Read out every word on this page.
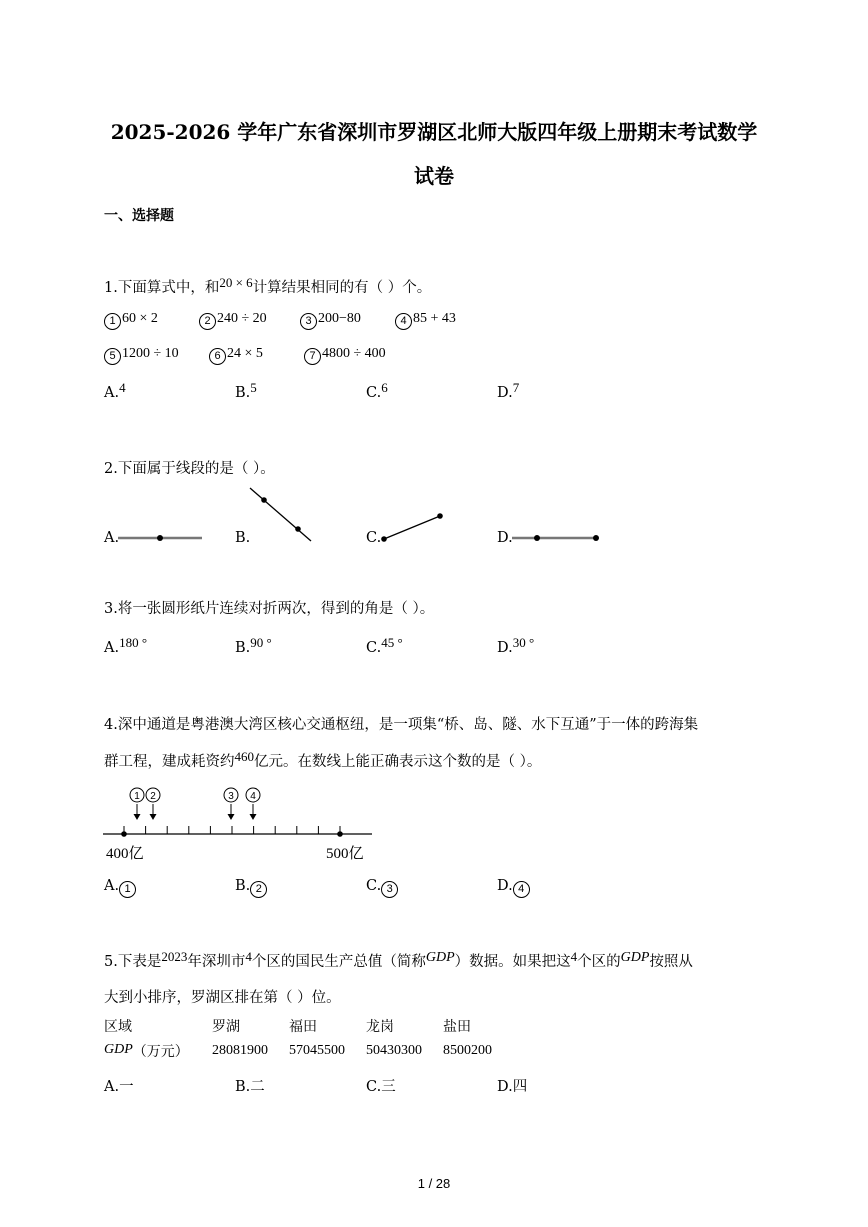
2025-2026 学年广东省深圳市罗湖区北师大版四年级上册期末考试数学
试卷
一、选择题
1.下面算式中，和20 × 6计算结果相同的有（ ）个。
1 60 × 2	2 240 ÷ 20	3 200−80	4 85 + 43
5 1200 ÷ 10	6 24 × 5	7 4800 ÷ 400
A.4	B.5	C.6	D.7
2.下面属于线段的是（ ）。
A.	B.	C.	D.
3.将一张圆形纸片连续对折两次，得到的角是（ ）。
A.180 °	B.90 °	C.45 °	D.30 °
4.深中通道是粤港澳大湾区核心交通枢纽，是一项集“桥、岛、隧、水下互通”于一体的跨海集
群工程，建成耗资约460亿元。在数线上能正确表示这个数的是（ ）。
1 2	3 4
400亿	500亿
A. 1	B. 2	C. 3	D. 4
5.下表是2023年深圳市4个区的国民生产总值（简称GDP）数据。如果把这4个区的GDP按照从
大到小排序，罗湖区排在第（ ）位。
区域	罗湖	福田	龙岗	盐田
GDP（万元） 28081900 57045500 50430300 8500200
A.一	B.二	C.三	D.四
1 / 28
